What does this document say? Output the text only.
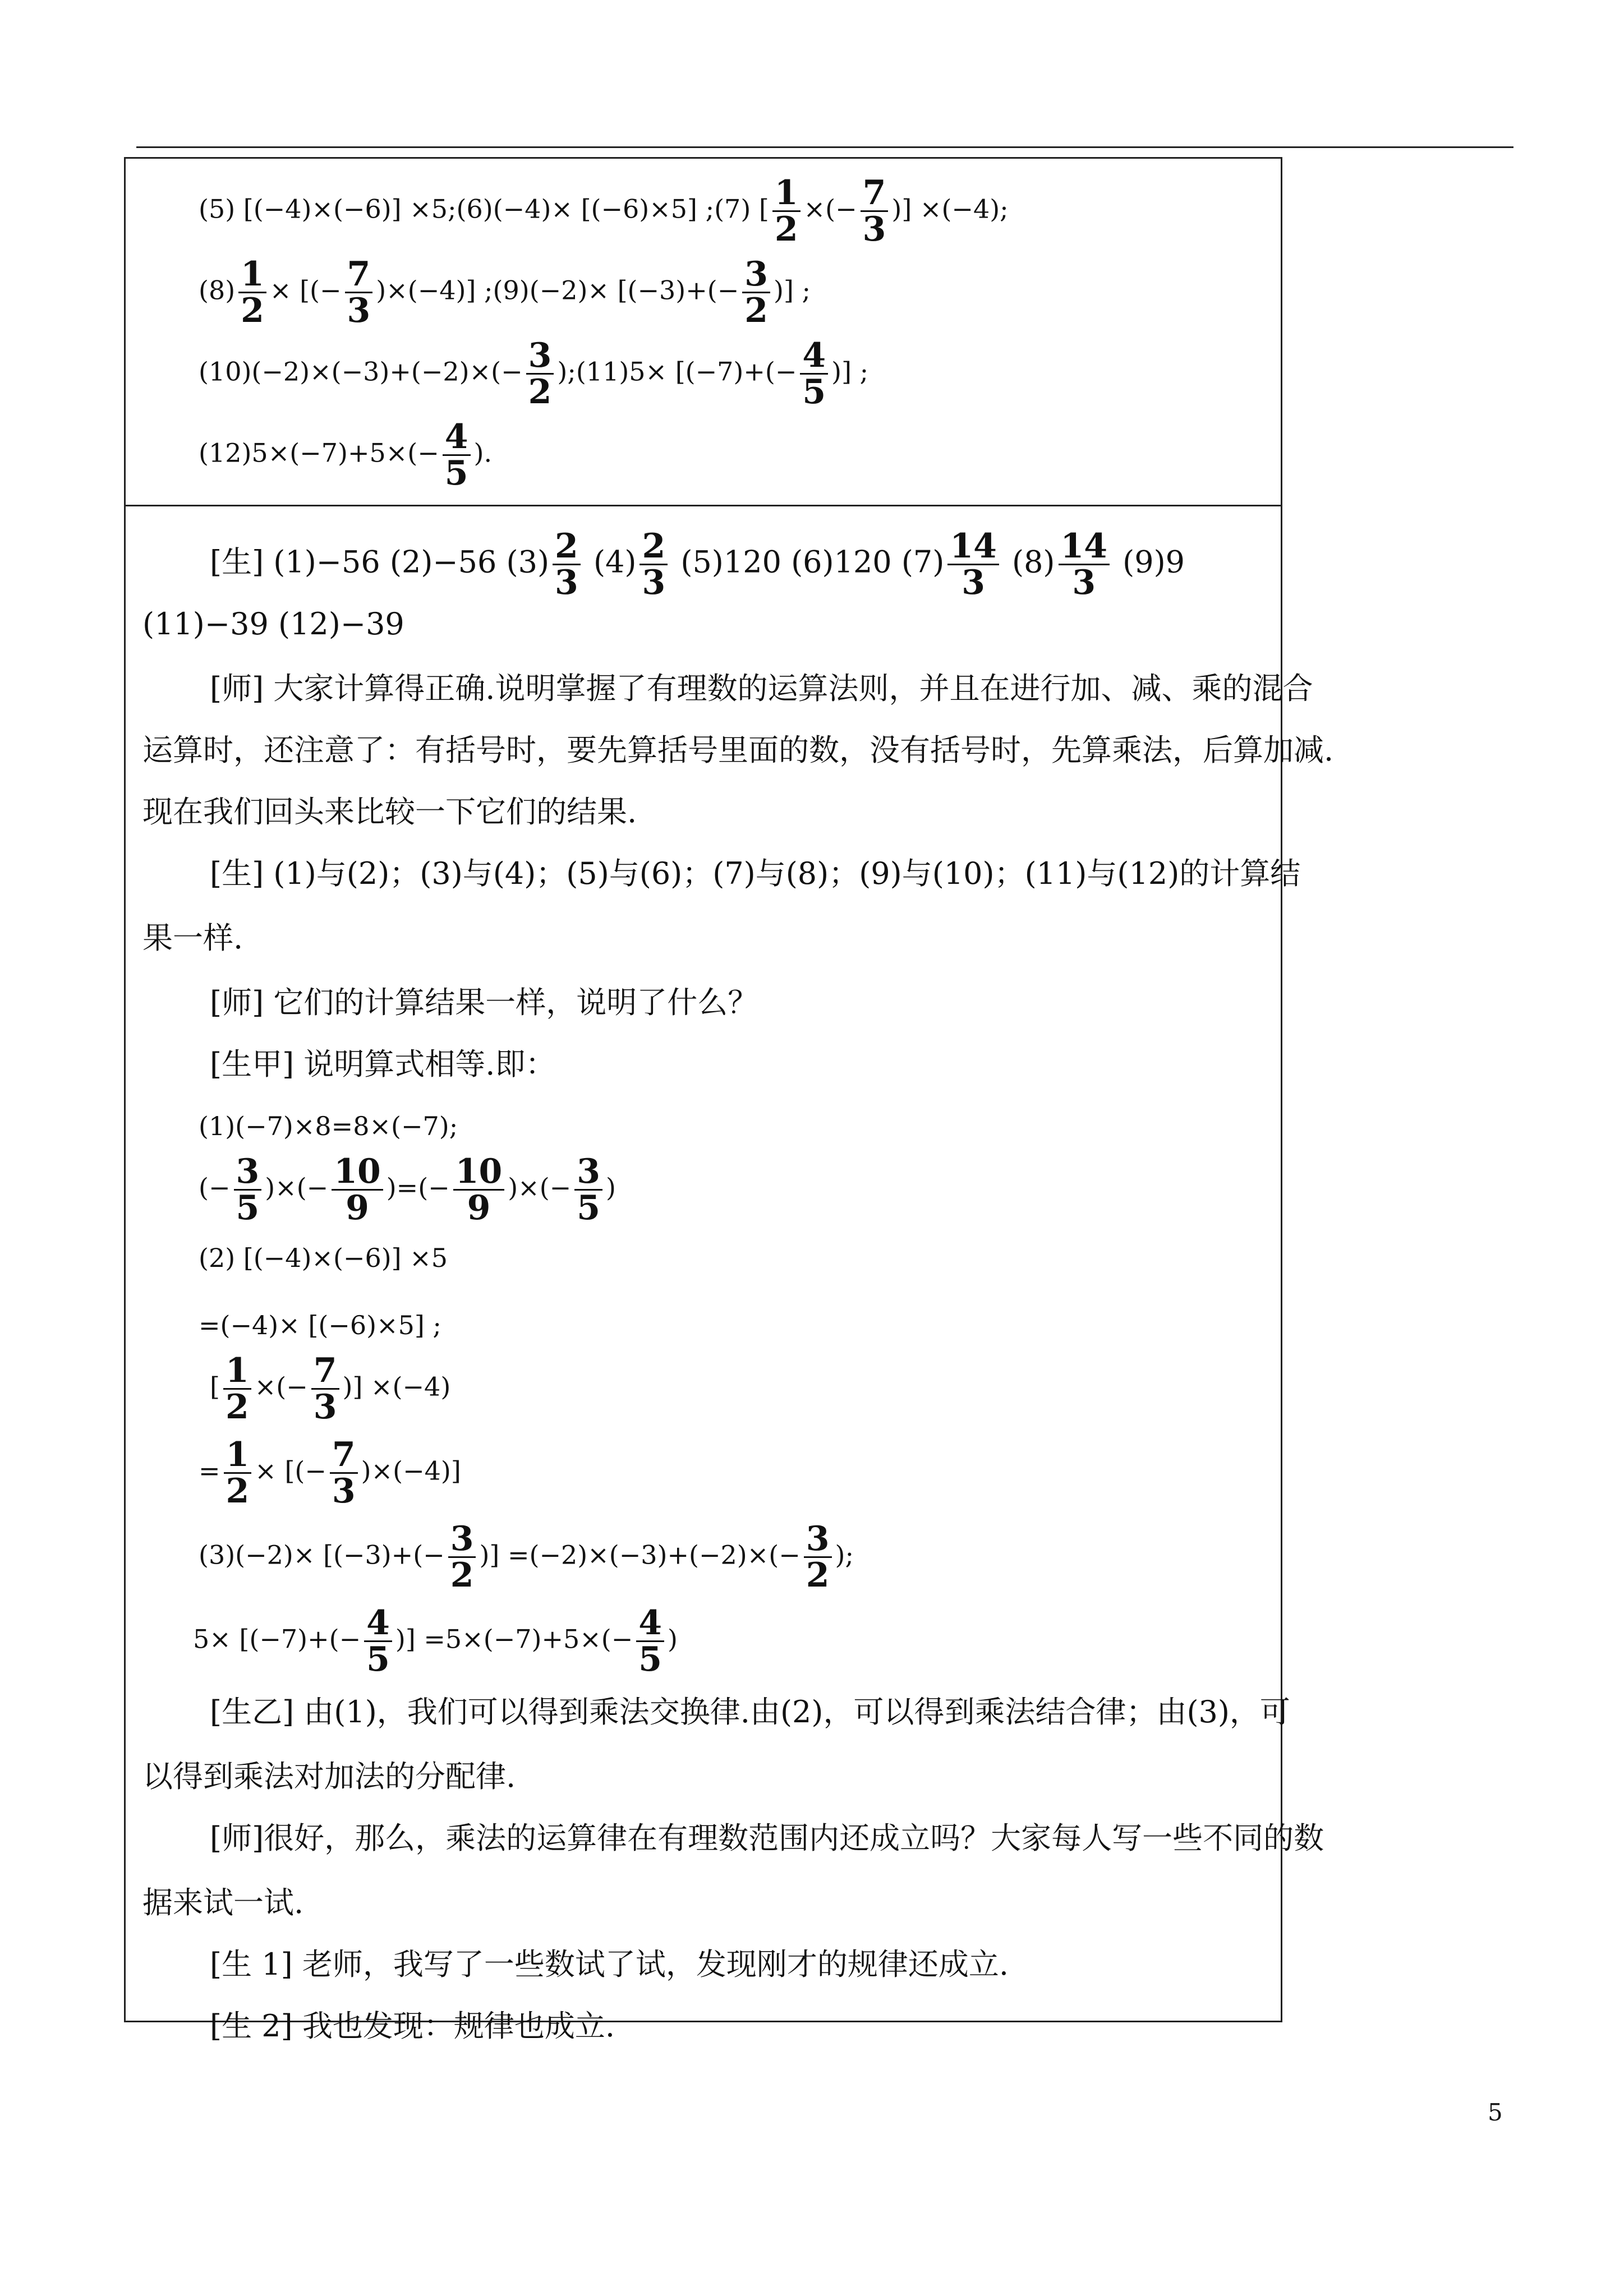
(5) [(−4)×(−6)] ×5;(6)(−4)× [(−6)×5] ;(7) [ $\frac{1}{2}$ ×(− $\frac{7}{3}$ )] ×(−4);
$(8) \frac{1}{2}$ × [(− $\frac{7}{3} )\times(-4)$] ;(9)(−2)× [$(-3)+(- \frac{3}{2}$ )] ;
$(10)(-2)\times(-3)+(-2)\times(- \frac{3}{2}$ );(11)5× [$(-7)+(- \frac{4}{5}$ )] ;
$(12)5\times(-7)+5\times(- \frac{4}{5}$ ).
[生] (1)−56 (2)−56 $(3) \frac{2}{3} (4) \frac{2}{3} (5)120$ (6)120 $(7) \frac{14}{3} (8) \frac{14}{3} (9)9$
(11)−39 (12)−39
[师] 大家计算得正确.说明掌握了有理数的运算法则，并且在进行加、减、乘的混合
运算时，还注意了：有括号时，要先算括号里面的数，没有括号时，先算乘法，后算加减.
现在我们回头来比较一下它们的结果.
[生] (1)与(2)；(3)与(4)；(5)与(6)；(7)与(8)；(9)与(10)；(11)与(12)的计算结
果一样.
[师] 它们的计算结果一样，说明了什么？
[生甲] 说明算式相等.即：
(1)(−7)×8=8×(−7);
(− $\frac{3}{5}$ )×(− $\frac{10}{9}$ )=(− $\frac{10}{9}$ )×(− $\frac{3}{5}$ )
(2) [(−4)×(−6)] ×5
=(−4)× [(−6)×5] ;
[ $\frac{1}{2}$ ×(− $\frac{7}{3}$ )] ×(−4)
= $\frac{1}{2}$ × [(− $\frac{7}{3} )\times(-4)$]
$(3)(-2)\times [(-3)+(- \frac{3}{2}$ )] $=(-2)\times(-3)+(-2)\times(- \frac{3}{2}$ );
$5\times [(-7)+(- \frac{4}{5}$ )] $=5\times(-7)+5\times(- \frac{4}{5}$ )
[生乙] 由(1)，我们可以得到乘法交换律.由(2)，可以得到乘法结合律；由(3)，可
以得到乘法对加法的分配律.
[师]很好，那么，乘法的运算律在有理数范围内还成立吗？大家每人写一些不同的数
据来试一试.
[生 1] 老师，我写了一些数试了试，发现刚才的规律还成立.
[生 2] 我也发现：规律也成立.
5
